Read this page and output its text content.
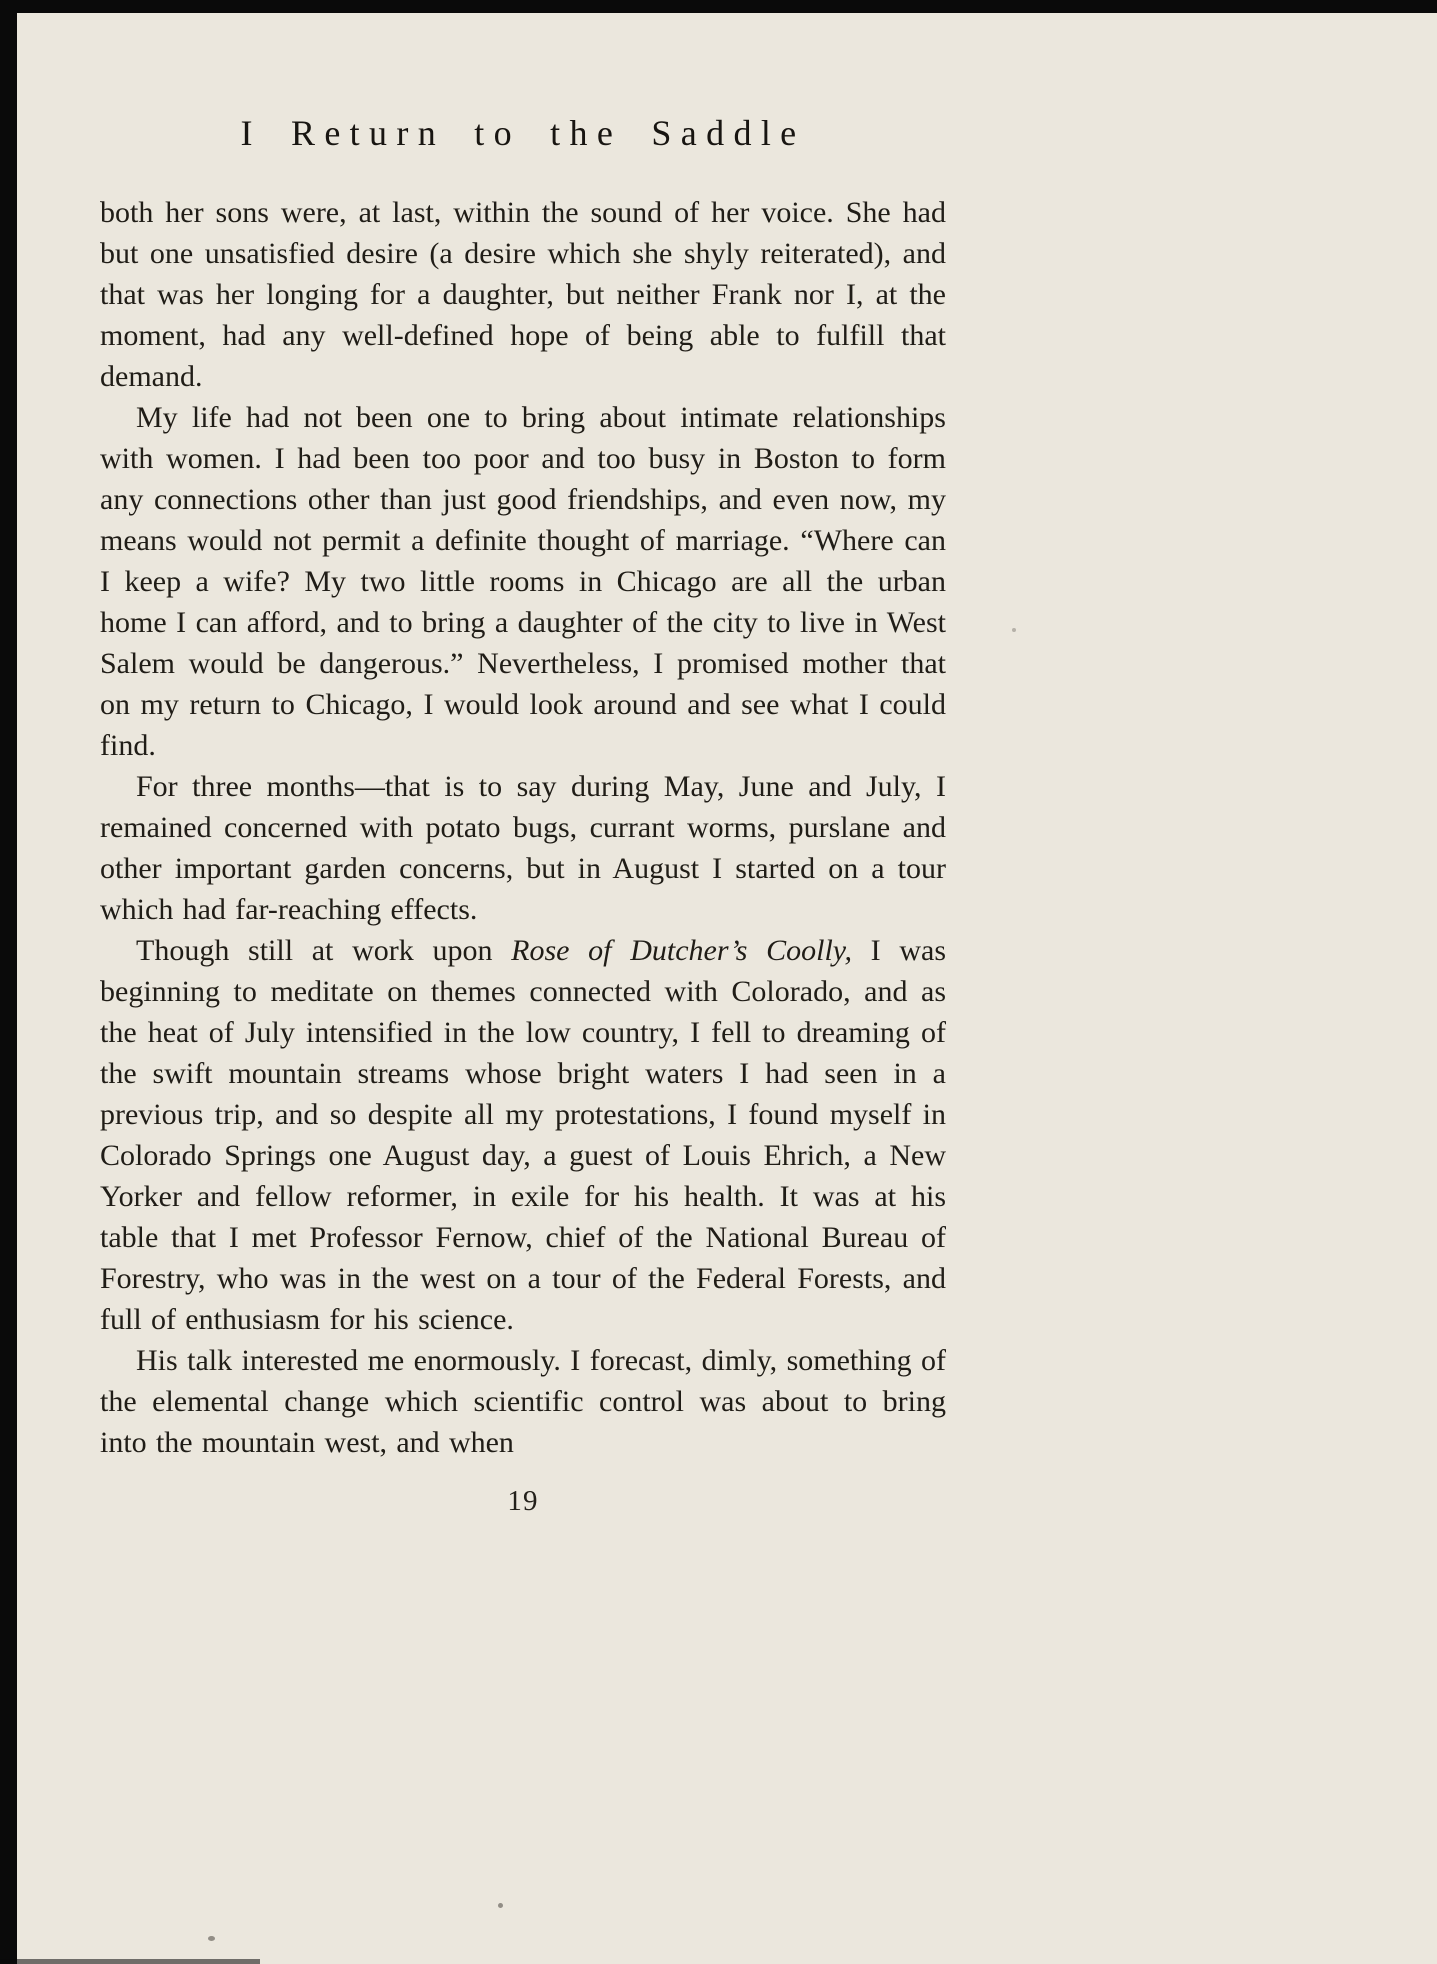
I Return to the Saddle

both her sons were, at last, within the sound of her voice. She had but one unsatisfied desire (a desire which she shyly reiterated), and that was her longing for a daughter, but neither Frank nor I, at the moment, had any well-defined hope of being able to fulfill that demand.

My life had not been one to bring about intimate relationships with women. I had been too poor and too busy in Boston to form any connections other than just good friendships, and even now, my means would not permit a definite thought of marriage. “Where can I keep a wife? My two little rooms in Chicago are all the urban home I can afford, and to bring a daughter of the city to live in West Salem would be dangerous.” Nevertheless, I promised mother that on my return to Chicago, I would look around and see what I could find.

For three months—that is to say during May, June and July, I remained concerned with potato bugs, currant worms, purslane and other important garden concerns, but in August I started on a tour which had far-reaching effects.

Though still at work upon Rose of Dutcher’s Coolly, I was beginning to meditate on themes connected with Colorado, and as the heat of July intensified in the low country, I fell to dreaming of the swift mountain streams whose bright waters I had seen in a previous trip, and so despite all my protestations, I found myself in Colorado Springs one August day, a guest of Louis Ehrich, a New Yorker and fellow reformer, in exile for his health. It was at his table that I met Professor Fernow, chief of the National Bureau of Forestry, who was in the west on a tour of the Federal Forests, and full of enthusiasm for his science.

His talk interested me enormously. I forecast, dimly, something of the elemental change which scientific control was about to bring into the mountain west, and when

19
